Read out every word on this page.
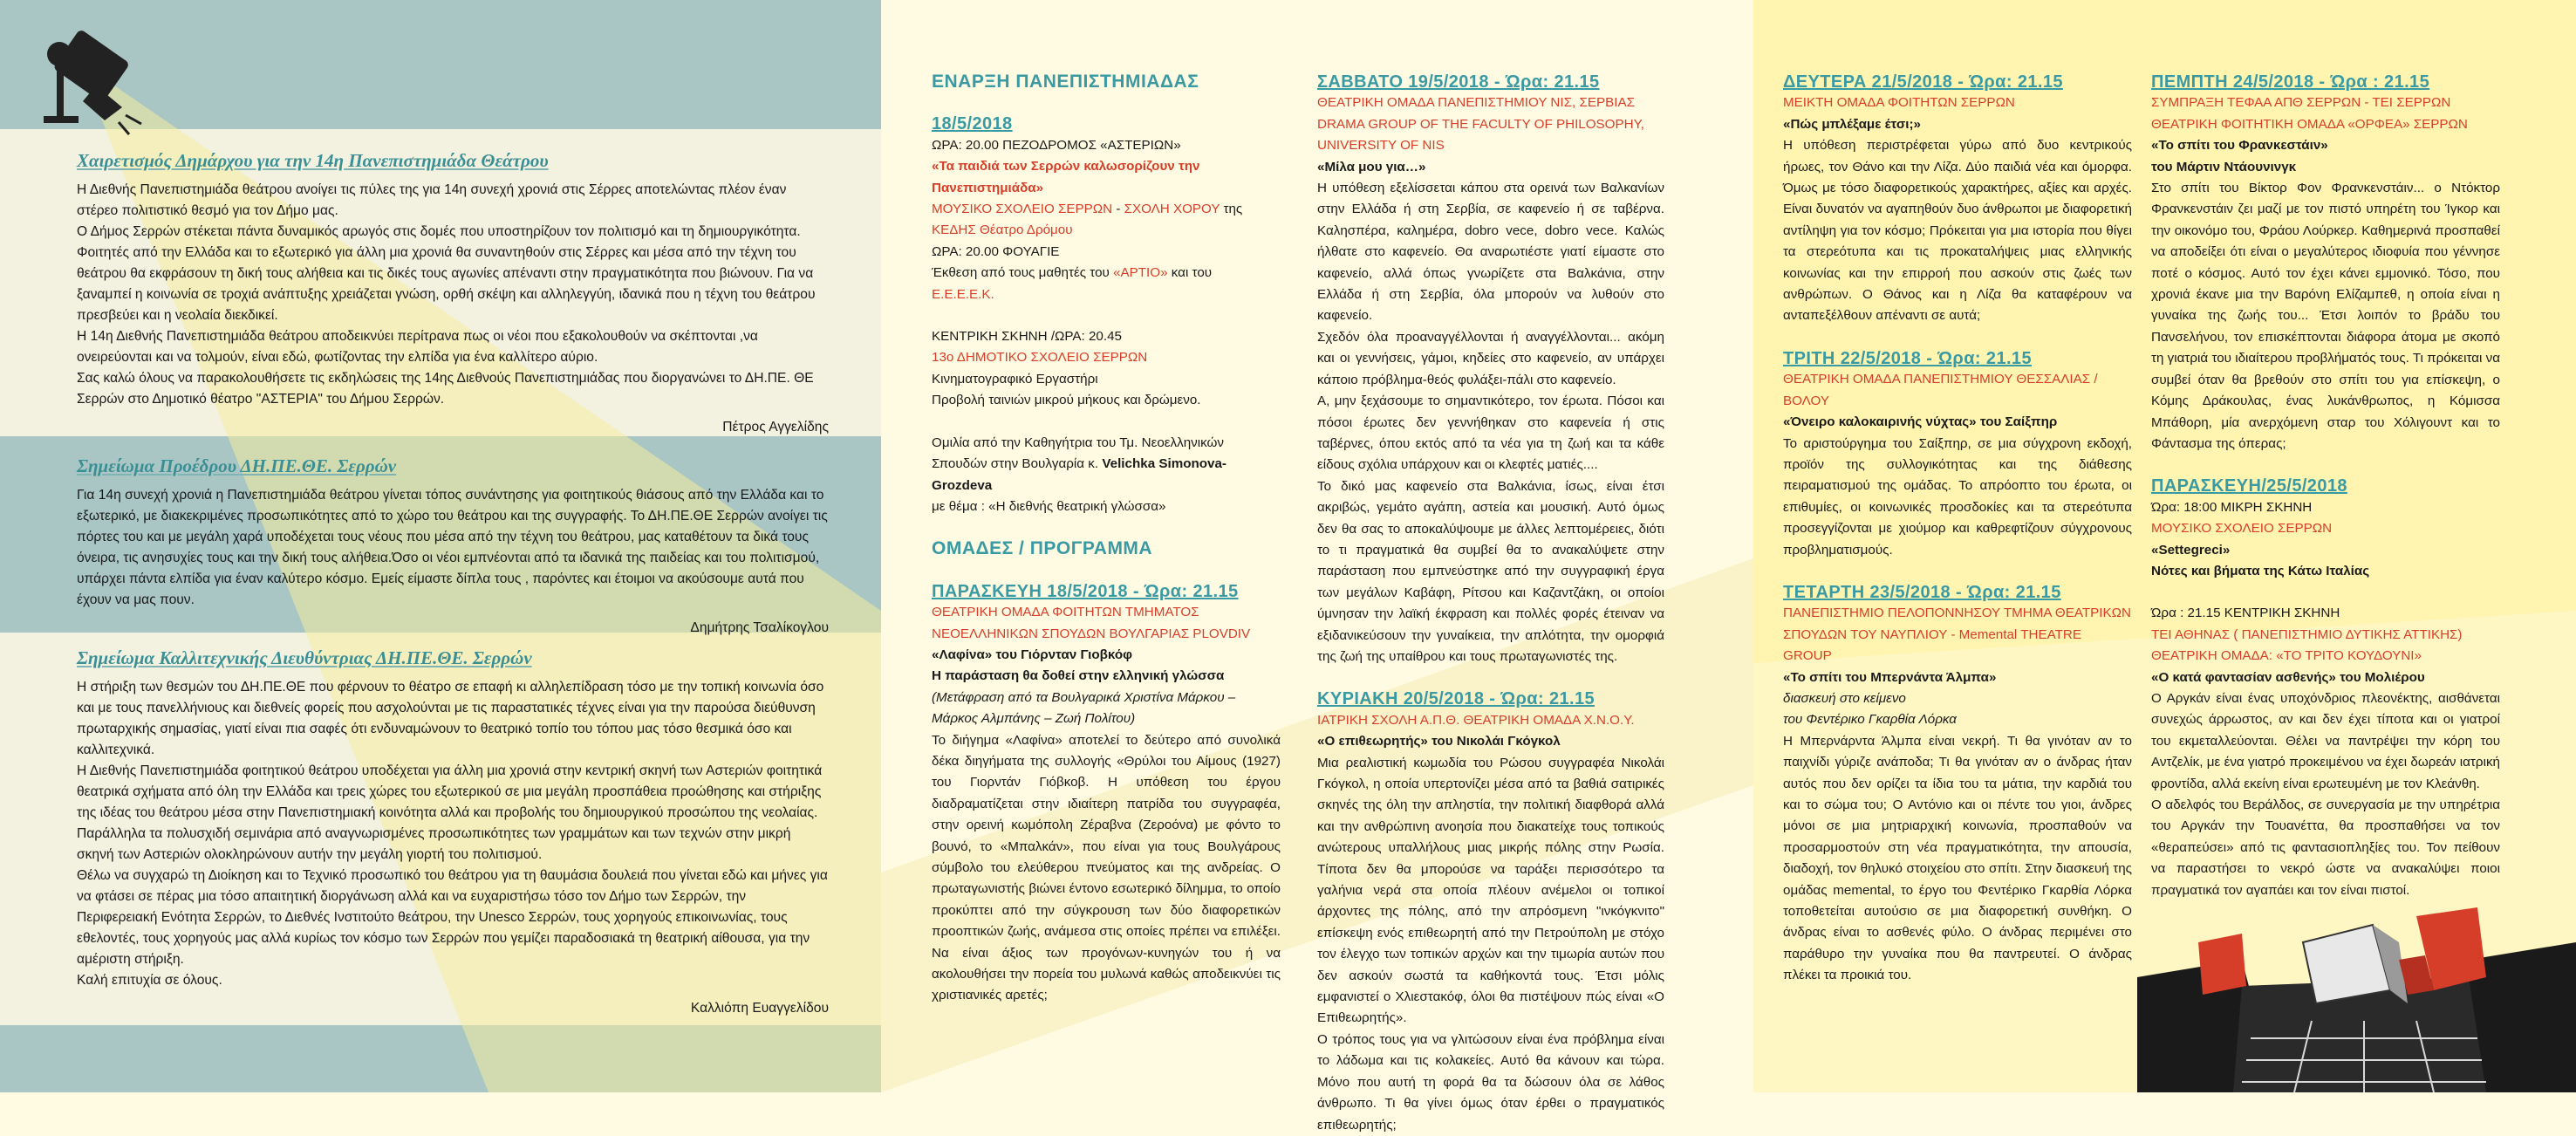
Χαιρετισμός Δημάρχου για την 14η Πανεπιστημιάδα Θεάτρου

Η Διεθνής Πανεπιστημιάδα θεάτρου ανοίγει τις πύλες της για 14η συνεχή χρονιά στις Σέρρες αποτελώντας πλέον έναν στέρεο πολιτιστικό θεσμό για τον Δήμο μας.

Ο Δήμος Σερρών στέκεται πάντα δυναμικός αρωγός στις δομές που υποστηρίζουν τον πολιτισμό και τη δημιουργικότητα. Φοιτητές από την Ελλάδα και το εξωτερικό για άλλη μια χρονιά θα συναντηθούν στις Σέρρες και μέσα από την τέχνη του θεάτρου θα εκφράσουν τη δική τους αλήθεια και τις δικές τους αγωνίες απέναντι στην πραγματικότητα που βιώνουν. Για να ξαναμπεί η κοινωνία σε τροχιά ανάπτυξης χρειάζεται γνώση, ορθή σκέψη και αλληλεγγύη, ιδανικά που η τέχνη του θεάτρου πρεσβεύει και η νεολαία διεκδικεί.

Η 14η Διεθνής Πανεπιστημιάδα θεάτρου αποδεικνύει περίτρανα πως οι νέοι που εξακολουθούν να σκέπτονται ,να ονειρεύονται και να τολμούν, είναι εδώ, φωτίζοντας την ελπίδα για ένα καλλίτερο αύριο.

Σας καλώ όλους να παρακολουθήσετε τις εκδηλώσεις της 14ης Διεθνούς Πανεπιστημιάδας που διοργανώνει το ΔΗ.ΠΕ. ΘΕ Σερρών στο Δημοτικό θέατρο "ΑΣΤΕΡΙΑ" του Δήμου Σερρών.

Πέτρος Αγγελίδης

Σημείωμα Προέδρου ΔΗ.ΠΕ.ΘΕ. Σερρών

Για 14η συνεχή χρονιά η Πανεπιστημιάδα θεάτρου γίνεται τόπος συνάντησης για φοιτητικούς θιάσους από την Ελλάδα και το εξωτερικό, με διακεκριμένες προσωπικότητες από το χώρο του θεάτρου και της συγγραφής. Το ΔΗ.ΠΕ.ΘΕ Σερρών ανοίγει τις πόρτες του και με μεγάλη χαρά υποδέχεται τους νέους που μέσα από την τέχνη του θεάτρου, μας καταθέτουν τα δικά τους όνειρα, τις ανησυχίες τους και την δική τους αλήθεια.Όσο οι νέοι εμπνέονται από τα ιδανικά της παιδείας και του πολιτισμού, υπάρχει πάντα ελπίδα για έναν καλύτερο κόσμο. Εμείς είμαστε δίπλα τους , παρόντες και έτοιμοι να ακούσουμε αυτά που έχουν να μας πουν.

Δημήτρης Τσαλίκογλου

Σημείωμα Καλλιτεχνικής Διευθύντριας ΔΗ.ΠΕ.ΘΕ. Σερρών

Η στήριξη των θεσμών του ΔΗ.ΠΕ.ΘΕ που φέρνουν το θέατρο σε επαφή κι αλληλεπίδραση τόσο με την τοπική κοινωνία όσο και με τους πανελλήνιους και διεθνείς φορείς που ασχολούνται με τις παραστατικές τέχνες είναι για την παρούσα διεύθυνση πρωταρχικής σημασίας, γιατί είναι πια σαφές ότι ενδυναμώνουν το θεατρικό τοπίο του τόπου μας τόσο θεσμικά όσο και καλλιτεχνικά.

Η Διεθνής Πανεπιστημιάδα φοιτητικού θεάτρου υποδέχεται για άλλη μια χρονιά στην κεντρική σκηνή των Αστεριών φοιτητικά θεατρικά σχήματα από όλη την Ελλάδα και τρεις χώρες του εξωτερικού σε μια μεγάλη προσπάθεια προώθησης και στήριξης της ιδέας του θεάτρου μέσα στην Πανεπιστημιακή κοινότητα αλλά και προβολής του δημιουργικού προσώπου της νεολαίας. Παράλληλα τα πολυσχιδή σεμινάρια από αναγνωρισμένες προσωπικότητες των γραμμάτων και των τεχνών στην μικρή σκηνή των Αστεριών ολοκληρώνουν αυτήν την μεγάλη γιορτή του πολιτισμού.

Θέλω να συγχαρώ τη Διοίκηση και το Τεχνικό προσωπικό του θεάτρου για τη θαυμάσια δουλειά που γίνεται εδώ και μήνες για να φτάσει σε πέρας μια τόσο απαιτητική διοργάνωση αλλά και να ευχαριστήσω τόσο τον Δήμο των Σερρών, την Περιφερειακή Ενότητα Σερρών, το Διεθνές Ινστιτούτο θεάτρου, την Unesco Σερρών, τους χορηγούς επικοινωνίας, τους εθελοντές, τους χορηγούς μας αλλά κυρίως τον κόσμο των Σερρών που γεμίζει παραδοσιακά τη θεατρική αίθουσα, για την αμέριστη στήριξη.

Καλή επιτυχία σε όλους.

Καλλιόπη Ευαγγελίδου

ΕΝΑΡΞΗ ΠΑΝΕΠΙΣΤΗΜΙΑΔΑΣ

18/5/2018

ΩΡΑ: 20.00 ΠΕΖΟΔΡΟΜΟΣ «ΑΣΤΕΡΙΩΝ»

«Τα παιδιά των Σερρών καλωσορίζουν την Πανεπιστημιάδα»

ΜΟΥΣΙΚΟ ΣΧΟΛΕΙΟ ΣΕΡΡΩΝ - ΣΧΟΛΗ ΧΟΡΟΥ της ΚΕΔΗΣ Θέατρο Δρόμου

ΩΡΑ: 20.00 ΦΟΥΑΓΙΕ

Έκθεση από τους μαθητές του «ΑΡΤΙΟ» και του

Ε.Ε.Ε.Ε.Κ.

ΚΕΝΤΡΙΚΗ ΣΚΗΝΗ /ΩΡΑ: 20.45

13ο ΔΗΜΟΤΙΚΟ ΣΧΟΛΕΙΟ ΣΕΡΡΩΝ

Κινηματογραφικό Εργαστήρι

Προβολή ταινιών μικρού μήκους και δρώμενο.

Ομιλία από την Καθηγήτρια του Τμ. Νεοελληνικών Σπουδών στην Βουλγαρία κ. Velichka Simonova-Grozdeva

με θέμα : «Η διεθνής θεατρική γλώσσα»

ΟΜΑΔΕΣ / ΠΡΟΓΡΑΜΜΑ

ΠΑΡΑΣΚΕΥΗ 18/5/2018 - Ώρα: 21.15

ΘΕΑΤΡΙΚΗ ΟΜΑΔΑ ΦΟΙΤΗΤΩΝ ΤΜΗΜΑΤΟΣ ΝΕΟΕΛΛΗΝΙΚΩΝ ΣΠΟΥΔΩΝ ΒΟΥΛΓΑΡΙΑΣ PLOVDIV

«Λαφίνα» του Γιόρνταν Γιοβκόφ

Η παράσταση θα δοθεί στην ελληνική γλώσσα

(Μετάφραση από τα Βουλγαρικά Χριστίνα Μάρκου – Μάρκος Αλμπάνης – Ζωή Πολίτου)

Το διήγημα «Λαφίνα» αποτελεί το δεύτερο από συνολικά δέκα διηγήματα της συλλογής «Θρύλοι του Αίμους (1927) του Γιορντάν Γιόβκοβ. Η υπόθεση του έργου διαδραματίζεται στην ιδιαίτερη πατρίδα του συγγραφέα, στην ορεινή κωμόπολη Ζέραβνα (Ζεροόνα) με φόντο το βουνό, το «Μπαλκάν», που είναι για τους Βουλγάρους σύμβολο του ελεύθερου πνεύματος και της ανδρείας. Ο πρωταγωνιστής βιώνει έντονο εσωτερικό δίλημμα, το οποίο προκύπτει από την σύγκρουση των δύο διαφορετικών προοπτικών ζωής, ανάμεσα στις οποίες πρέπει να επιλέξει. Να είναι άξιος των προγόνων-κυνηγών του ή να ακολουθήσει την πορεία του μυλωνά καθώς αποδεικνύει τις χριστιανικές αρετές;

ΣΑΒΒΑΤΟ 19/5/2018 - Ώρα: 21.15

ΘΕΑΤΡΙΚΗ ΟΜΑΔΑ ΠΑΝΕΠΙΣΤΗΜΙΟΥ ΝΙΣ, ΣΕΡΒΙΑΣ DRAMA GROUP OF THE FACULTY OF PHILOSOPHY, UNIVERSITY OF NIS

«Μίλα μου για…»

Η υπόθεση εξελίσσεται κάπου στα ορεινά των Βαλκανίων στην Ελλάδα ή στη Σερβία, σε καφενείο ή σε ταβέρνα. Καλησπέρα, καλημέρα, dobro vece, dobro vece. Καλώς ήλθατε στο καφενείο. Θα αναρωτιέστε γιατί είμαστε στο καφενείο, αλλά όπως γνωρίζετε στα Βαλκάνια, στην Ελλάδα ή στη Σερβία, όλα μπορούν να λυθούν στο καφενείο.

Σχεδόν όλα προαναγγέλλονται ή αναγγέλλονται... ακόμη και οι γεννήσεις, γάμοι, κηδείες στο καφενείο, αν υπάρχει κάποιο πρόβλημα-θεός φυλάξει-πάλι στο καφενείο.

Α, μην ξεχάσουμε το σημαντικότερο, τον έρωτα. Πόσοι και πόσοι έρωτες δεν γεννήθηκαν στο καφενεία ή στις ταβέρνες, όπου εκτός από τα νέα για τη ζωή και τα κάθε είδους σχόλια υπάρχουν και οι κλεφτές ματιές....

Το δικό μας καφενείο στα Βαλκάνια, ίσως, είναι έτσι ακριβώς, γεμάτο αγάπη, αστεία και μουσική. Αυτό όμως δεν θα σας το αποκαλύψουμε με άλλες λεπτομέρειες, διότι το τι πραγματικά θα συμβεί θα το ανακαλύψετε στην παράσταση που εμπνεύστηκε από την συγγραφική έργα των μεγάλων Καβάφη, Ρίτσου και Καζαντζάκη, οι οποίοι ύμνησαν την λαϊκή έκφραση και πολλές φορές έτειναν να εξιδανικεύσουν την γυναίκεια, την απλότητα, την ομορφιά της ζωή της υπαίθρου και τους πρωταγωνιστές της.

ΚΥΡΙΑΚΗ 20/5/2018 - Ώρα: 21.15

ΙΑΤΡΙΚΗ ΣΧΟΛΗ Α.Π.Θ. ΘΕΑΤΡΙΚΗ ΟΜΑΔΑ Χ.Ν.Ο.Υ.

«Ο επιθεωρητής» του Νικολάι Γκόγκολ

Μια ρεαλιστική κωμωδία του Ρώσου συγγραφέα Νικολάι Γκόγκολ, η οποία υπερτονίζει μέσα από τα βαθιά σατιρικές σκηνές της όλη την απληστία, την πολιτική διαφθορά αλλά και την ανθρώπινη ανοησία που διακατείχε τους τοπικούς ανώτερους υπαλλήλους μιας μικρής πόλης στην Ρωσία. Τίποτα δεν θα μπορούσε να ταράξει περισσότερο τα γαλήνια νερά στα οποία πλέουν ανέμελοι οι τοπικοί άρχοντες της πόλης, από την απρόσμενη "ινκόγκνιτο" επίσκεψη ενός επιθεωρητή από την Πετρούπολη με στόχο τον έλεγχο των τοπικών αρχών και την τιμωρία αυτών που δεν ασκούν σωστά τα καθήκοντά τους. Έτσι μόλις εμφανιστεί ο Χλιεστακόφ, όλοι θα πιστέψουν πώς είναι «Ο Επιθεωρητής».

Ο τρόπος τους για να γλιτώσουν είναι ένα πρόβλημα είναι το λάδωμα και τις κολακείες. Αυτό θα κάνουν και τώρα. Μόνο που αυτή τη φορά θα τα δώσουν όλα σε λάθος άνθρωπο. Τι θα γίνει όμως όταν έρθει ο πραγματικός επιθεωρητής;

ΔΕΥΤΕΡΑ 21/5/2018 - Ώρα: 21.15

ΜΕΙΚΤΗ ΟΜΑΔΑ ΦΟΙΤΗΤΩΝ ΣΕΡΡΩΝ

«Πώς μπλέξαμε έτσι;»

Η υπόθεση περιστρέφεται γύρω από δυο κεντρικούς ήρωες, τον Θάνο και την Λίζα. Δύο παιδιά νέα και όμορφα. Όμως με τόσο διαφορετικούς χαρακτήρες, αξίες και αρχές. Είναι δυνατόν να αγαπηθούν δυο άνθρωποι με διαφορετική αντίληψη για τον κόσμο; Πρόκειται για μια ιστορία που θίγει τα στερεότυπα και τις προκαταλήψεις μιας ελληνικής κοινωνίας και την επιρροή που ασκούν στις ζωές των ανθρώπων. Ο Θάνος και η Λίζα θα καταφέρουν να ανταπεξέλθουν απέναντι σε αυτά;

ΤΡΙΤΗ 22/5/2018 - Ώρα: 21.15

ΘΕΑΤΡΙΚΗ ΟΜΑΔΑ ΠΑΝΕΠΙΣΤΗΜΙΟΥ ΘΕΣΣΑΛΙΑΣ /ΒΟΛΟΥ

«Όνειρο καλοκαιρινής νύχτας» του Σαίξπηρ

Το αριστούργημα του Σαίξπηρ, σε μια σύγχρονη εκδοχή, προϊόν της συλλογικότητας και της διάθεσης πειραματισμού της ομάδας. Το απρόοπτο του έρωτα, οι επιθυμίες, οι κοινωνικές προσδοκίες και τα στερεότυπα προσεγγίζονται με χιούμορ και καθρεφτίζουν σύγχρονους προβληματισμούς.

ΤΕΤΑΡΤΗ 23/5/2018 - Ώρα: 21.15

ΠΑΝΕΠΙΣΤΗΜΙΟ ΠΕΛΟΠΟΝΝΗΣΟΥ ΤΜΗΜΑ ΘΕΑΤΡΙΚΩΝ ΣΠΟΥΔΩΝ ΤΟΥ ΝΑΥΠΛΙΟΥ - Memental THEATRE GROUP

«Το σπίτι του Μπερνάντα Άλμπα»

διασκευή στο κείμενο

του Φεντέρικο Γκαρθία Λόρκα

Η Μπερνάρντα Άλμπα είναι νεκρή. Τι θα γινόταν αν το παιχνίδι γύριζε ανάποδα; Τι θα γινόταν αν ο άνδρας ήταν αυτός που δεν ορίζει τα ίδια του τα μάτια, την καρδιά του και το σώμα του; Ο Αντόνιο και οι πέντε του γιοι, άνδρες μόνοι σε μια μητριαρχική κοινωνία, προσπαθούν να προσαρμοστούν στη νέα πραγματικότητα, την απουσία, διαδοχή, τον θηλυκό στοιχείου στο σπίτι. Στην διασκευή της ομάδας memental, το έργο του Φεντέρικο Γκαρθία Λόρκα τοποθετείται αυτούσιο σε μια διαφορετική συνθήκη. Ο άνδρας είναι το ασθενές φύλο. Ο άνδρας περιμένει στο παράθυρο την γυναίκα που θα παντρευτεί. Ο άνδρας πλέκει τα προικιά του.

ΠΕΜΠΤΗ 24/5/2018 - Ώρα : 21.15

ΣΥΜΠΡΑΞΗ ΤΕΦΑΑ ΑΠΘ ΣΕΡΡΩΝ - ΤΕΙ ΣΕΡΡΩΝ ΘΕΑΤΡΙΚΗ ΦΟΙΤΗΤΙΚΗ ΟΜΑΔΑ «ΟΡΦΕΑ» ΣΕΡΡΩΝ

«Το σπίτι του Φρανκεστάιν»

του Μάρτιν Ντάουνινγκ

Στο σπίτι του Βίκτορ Φον Φρανκενστάιν... ο Ντόκτορ Φρανκενστάιν ζει μαζί με τον πιστό υπηρέτη του Ίγκορ και την οικονόμο του, Φράου Λούρκερ. Καθημερινά προσπαθεί να αποδείξει ότι είναι ο μεγαλύτερος ιδιοφυία που γέννησε ποτέ ο κόσμος. Αυτό τον έχει κάνει εμμονικό. Τόσο, που χρονιά έκανε μια την Βαρόνη Ελίζαμπεθ, η οποία είναι η γυναίκα της ζωής του... Έτσι λοιπόν το βράδυ του Πανσελήνου, τον επισκέπτονται διάφορα άτομα με σκοπό τη γιατριά του ιδιαίτερου προβλήματός τους. Τι πρόκειται να συμβεί όταν θα βρεθούν στο σπίτι του για επίσκεψη, ο Κόμης Δράκουλας, ένας λυκάνθρωπος, η Κόμισσα Μπάθορη, μία ανερχόμενη σταρ του Χόλιγουντ και το Φάντασμα της όπερας;

ΠΑΡΑΣΚΕΥΗ/25/5/2018

Ώρα: 18:00 ΜΙΚΡΗ ΣΚΗΝΗ

ΜΟΥΣΙΚΟ ΣΧΟΛΕΙΟ ΣΕΡΡΩΝ

«Settegreci»

Νότες και βήματα της Κάτω Ιταλίας

Ώρα : 21.15 ΚΕΝΤΡΙΚΗ ΣΚΗΝΗ

ΤΕΙ ΑΘΗΝΑΣ ( ΠΑΝΕΠΙΣΤΗΜΙΟ ΔΥΤΙΚΗΣ ΑΤΤΙΚΗΣ) ΘΕΑΤΡΙΚΗ ΟΜΑΔΑ: «ΤΟ ΤΡΙΤΟ ΚΟΥΔΟΥΝΙ»

«Ο κατά φαντασίαν ασθενής» του Μολιέρου

Ο Αργκάν είναι ένας υποχόνδριος πλεονέκτης, αισθάνεται συνεχώς άρρωστος, αν και δεν έχει τίποτα και οι γιατροί του εκμεταλλεύονται. Θέλει να παντρέψει την κόρη του Αντζελίκ, με ένα γιατρό προκειμένου να έχει δωρεάν ιατρική φροντίδα, αλλά εκείνη είναι ερωτευμένη με τον Κλεάνθη.

Ο αδελφός του Βεράλδος, σε συνεργασία με την υπηρέτρια του Αργκάν την Τουανέττα, θα προσπαθήσει να τον «θεραπεύσει» από τις φαντασιοπληξίες του. Τον πείθουν να παραστήσει το νεκρό ώστε να ανακαλύψει ποιοι πραγματικά τον αγαπάει και τον είναι πιστοί.
